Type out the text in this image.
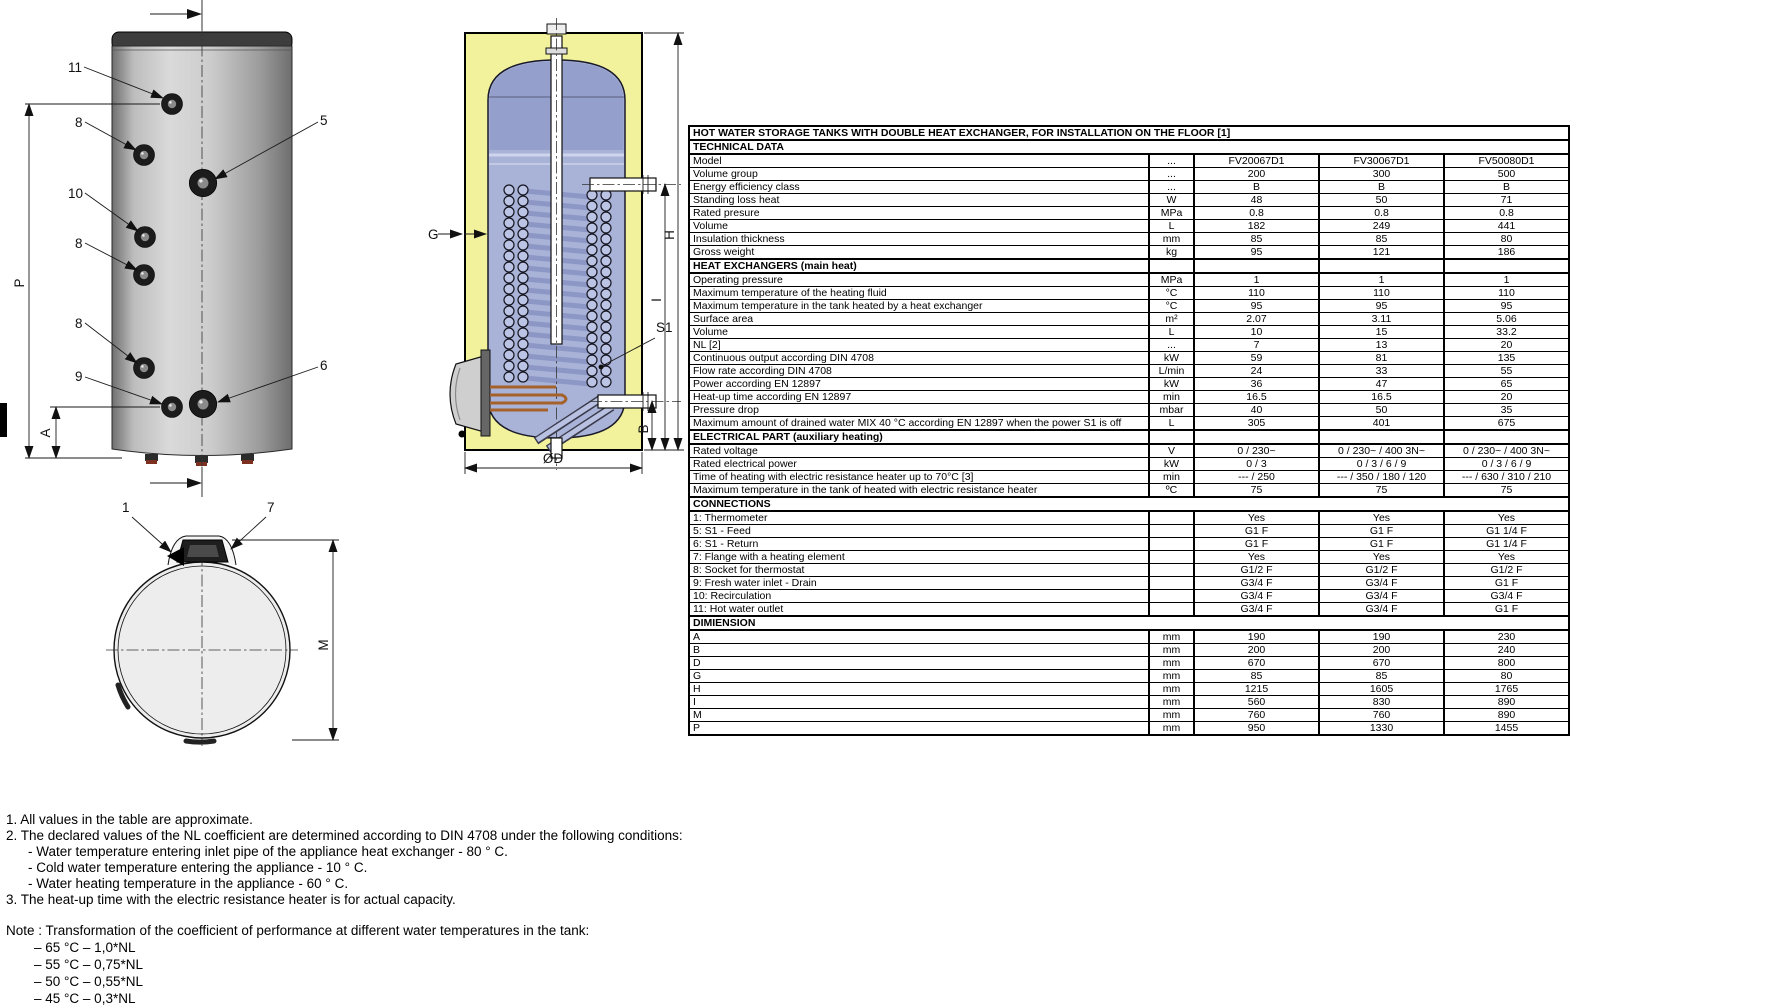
11
8
10
8
8
9
5
6
P
A
G
S1
B
I
H
ØD
1	7
M
HOT WATER STORAGE TANKS WITH DOUBLE HEAT EXCHANGER, FOR INSTALLATION ON THE FLOOR [1]				
TECHNICAL DATA				
Model	...	FV20067D1	FV30067D1	FV50080D1
Volume group	...	200	300	500
Energy efficiency class	...	B	B	B
Standing loss heat	W	48	50	71
Rated presure	MPa	0.8	0.8	0.8
Volume	L	182	249	441
Insulation thickness	mm	85	85	80
Gross weight	kg	95	121	186
HEAT EXCHANGERS (main heat)				
Operating pressure	MPa	1	1	1
Maximum temperature of the heating fluid	°C	110	110	110
Maximum temperature in the tank heated by a heat exchanger	°C	95	95	95
Surface area	m²	2.07	3.11	5.06
Volume	L	10	15	33.2
NL [2]	...	7	13	20
Continuous output according DIN 4708	kW	59	81	135
Flow rate according DIN 4708	L/min	24	33	55
Power according EN 12897	kW	36	47	65
Heat-up time according EN 12897	min	16.5	16.5	20
Pressure drop	mbar	40	50	35
Maximum amount of drained water MIX 40 °C according EN 12897 when the power S1 is off	L	305	401	675
ELECTRICAL PART (auxiliary heating)				
Rated voltage	V	0 / 230~	0 / 230~ / 400 3N~	0 / 230~ / 400 3N~
Rated electrical power	kW	0 / 3	0 / 3 / 6 / 9	0 / 3 / 6 / 9
Time of heating with electric resistance heater up to 70°C [3]	min	--- / 250	--- / 350 / 180 / 120	--- / 630 / 310 / 210
Maximum temperature in the tank of heated with electric resistance heater	ºC	75	75	75
CONNECTIONS				
1: Thermometer		Yes	Yes	Yes
5: S1 - Feed		G1 F	G1 F	G1 1/4 F
6: S1 - Return		G1 F	G1 F	G1 1/4 F
7: Flange with a heating element		Yes	Yes	Yes
8: Socket for thermostat		G1/2 F	G1/2 F	G1/2 F
9: Fresh water inlet - Drain		G3/4 F	G3/4 F	G1 F
10: Recirculation		G3/4 F	G3/4 F	G3/4 F
11: Hot water outlet		G3/4 F	G3/4 F	G1 F
DIMIENSION				
A	mm	190	190	230
B	mm	200	200	240
D	mm	670	670	800
G	mm	85	85	80
H	mm	1215	1605	1765
I	mm	560	830	890
M	mm	760	760	890
P	mm	950	1330	1455
1. All values in the table are approximate.
2. The declared values of the NL coefficient are determined according to DIN 4708 under the following conditions:
- Water temperature entering inlet pipe of the appliance heat exchanger - 80 ° C.
- Cold water temperature entering the appliance - 10 ° C.
- Water heating temperature in the appliance - 60 ° C.
3. The heat-up time with the electric resistance heater is for actual capacity.
Note : Transformation of the coefficient of performance at different water temperatures in the tank:
– 65 °C – 1,0*NL
– 55 °C – 0,75*NL
– 50 °C – 0,55*NL
– 45 °C – 0,3*NL
